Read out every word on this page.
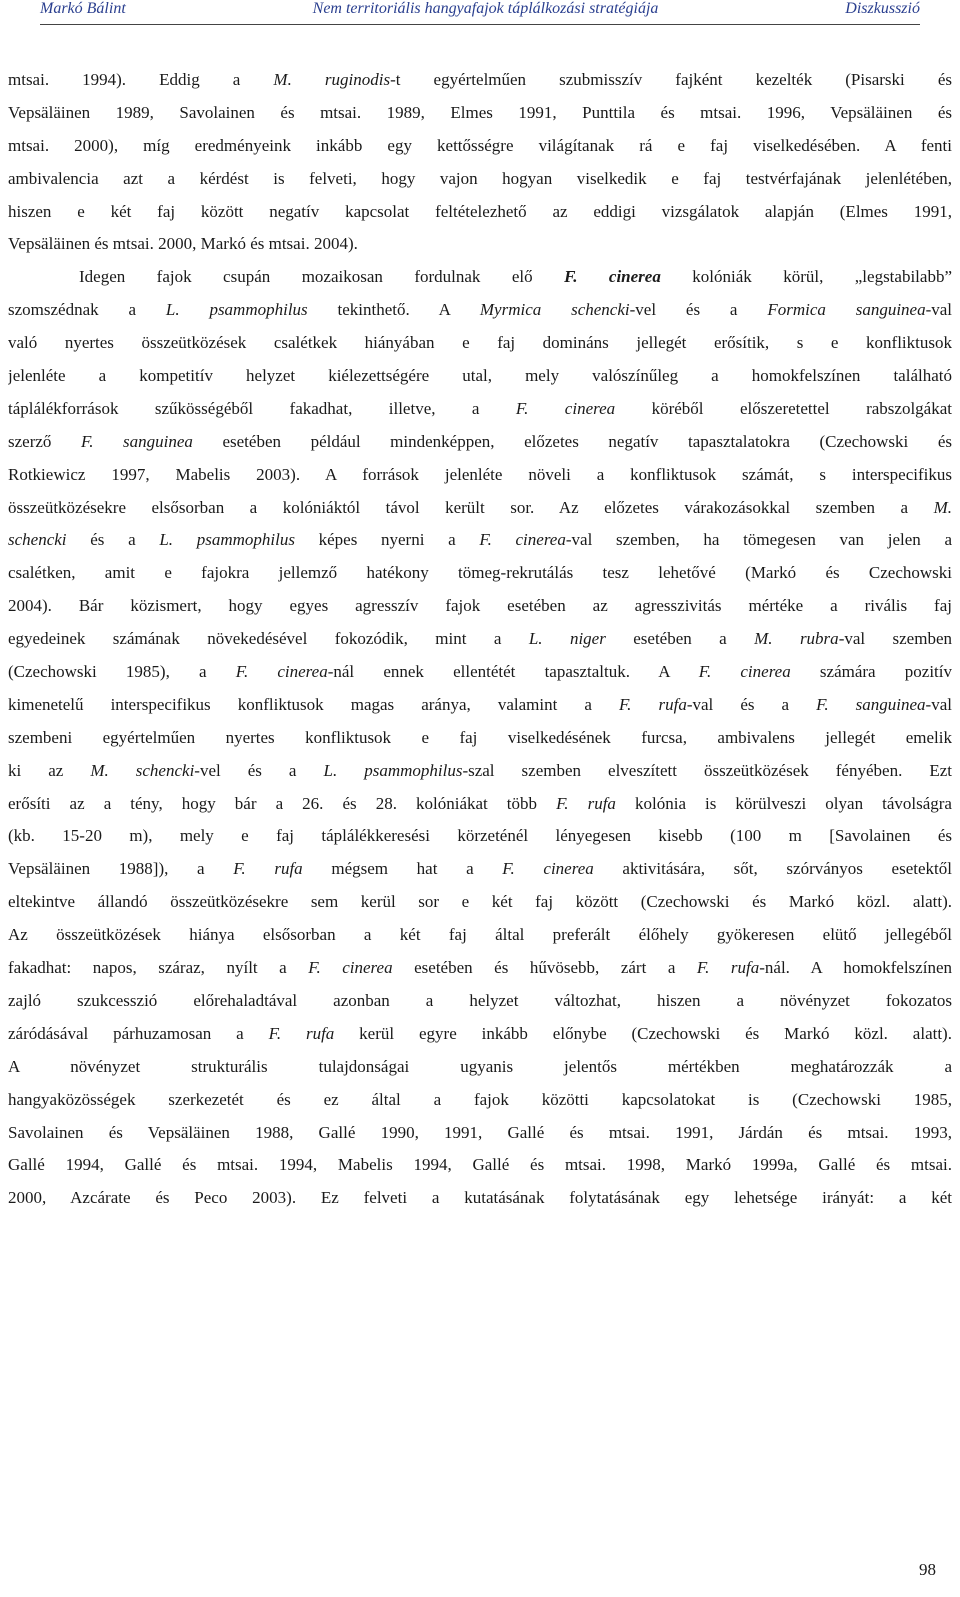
Markó Bálint	Nem territoriális hangyafajok táplálkozási stratégiája	Diszkusszió
mtsai. 1994). Eddig a M. ruginodis-t egyértelműen szubmisszív fajként kezelték (Pisarski és
Vepsäläinen 1989, Savolainen és mtsai. 1989, Elmes 1991, Punttila és mtsai. 1996, Vepsäläinen és
mtsai. 2000), míg eredményeink inkább egy kettősségre világítanak rá e faj viselkedésében. A fenti
ambivalencia azt a kérdést is felveti, hogy vajon hogyan viselkedik e faj testvérfajának jelenlétében,
hiszen e két faj között negatív kapcsolat feltételezhető az eddigi vizsgálatok alapján (Elmes 1991,
Vepsäläinen és mtsai. 2000, Markó és mtsai. 2004).
Idegen fajok csupán mozaikosan fordulnak elő F. cinerea kolóniák körül, „legstabilabb”
szomszédnak a L. psammophilus tekinthető. A Myrmica schencki-vel és a Formica sanguinea-val
való nyertes összeütközések csalétkek hiányában e faj domináns jellegét erősítik, s e konfliktusok
jelenléte a kompetitív helyzet kiélezettségére utal, mely valószínűleg a homokfelszínen található
táplálékforrások szűkösségéből fakadhat, illetve, a F. cinerea köréből előszeretettel rabszolgákat
szerző F. sanguinea esetében például mindenképpen, előzetes negatív tapasztalatokra (Czechowski és
Rotkiewicz 1997, Mabelis 2003). A források jelenléte növeli a konfliktusok számát, s interspecifikus
összeütközésekre elsősorban a kolóniáktól távol került sor. Az előzetes várakozásokkal szemben a M.
schencki és a L. psammophilus képes nyerni a F. cinerea-val szemben, ha tömegesen van jelen a
csalétken, amit e fajokra jellemző hatékony tömeg-rekrutálás tesz lehetővé (Markó és Czechowski
2004). Bár közismert, hogy egyes agresszív fajok esetében az agresszivitás mértéke a rivális faj
egyedeinek számának növekedésével fokozódik, mint a L. niger esetében a M. rubra-val szemben
(Czechowski 1985), a F. cinerea-nál ennek ellentétét tapasztaltuk. A F. cinerea számára pozitív
kimenetelű interspecifikus konfliktusok magas aránya, valamint a F. rufa-val és a F. sanguinea-val
szembeni egyértelműen nyertes konfliktusok e faj viselkedésének furcsa, ambivalens jellegét emelik
ki az M. schencki-vel és a L. psammophilus-szal szemben elveszített összeütközések fényében. Ezt
erősíti az a tény, hogy bár a 26. és 28. kolóniákat több F. rufa kolónia is körülveszi olyan távolságra
(kb. 15-20 m), mely e faj táplálékkeresési körzeténél lényegesen kisebb (100 m [Savolainen és
Vepsäläinen 1988]), a F. rufa mégsem hat a F. cinerea aktivitására, sőt, szórványos esetektől
eltekintve állandó összeütközésekre sem kerül sor e két faj között (Czechowski és Markó közl. alatt).
Az összeütközések hiánya elsősorban a két faj által preferált élőhely gyökeresen elütő jellegéből
fakadhat: napos, száraz, nyílt a F. cinerea esetében és hűvösebb, zárt a F. rufa-nál. A homokfelszínen
zajló szukcesszió előrehaladtával azonban a helyzet változhat, hiszen a növényzet fokozatos
záródásával párhuzamosan a F. rufa kerül egyre inkább előnybe (Czechowski és Markó közl. alatt).
A növényzet strukturális tulajdonságai ugyanis jelentős mértékben meghatározzák a
hangyaközösségek szerkezetét és ez által a fajok közötti kapcsolatokat is (Czechowski 1985,
Savolainen és Vepsäläinen 1988, Gallé 1990, 1991, Gallé és mtsai. 1991, Járdán és mtsai. 1993,
Gallé 1994, Gallé és mtsai. 1994, Mabelis 1994, Gallé és mtsai. 1998, Markó 1999a, Gallé és mtsai.
2000, Azcárate és Peco 2003). Ez felveti a kutatásának folytatásának egy lehetsége irányát: a két
98
